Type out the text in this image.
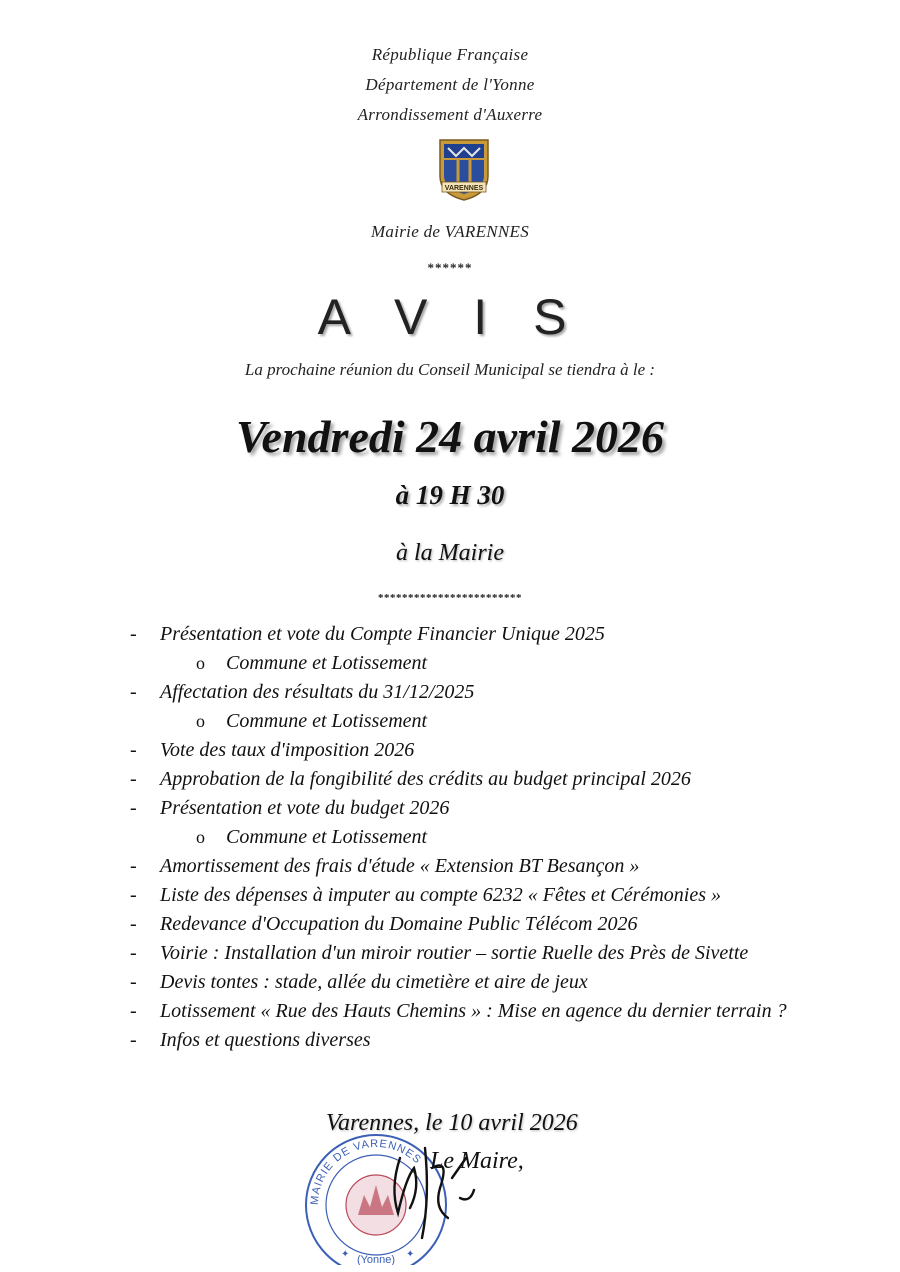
République Française
Département de l'Yonne
Arrondissement d'Auxerre
VARENNES
Mairie de VARENNES
******
A V I S
La prochaine réunion du Conseil Municipal se tiendra à le :
Vendredi 24 avril 2026
à 19 H 30
à la Mairie
************************
- Présentation et vote du Compte Financier Unique 2025
o Commune et Lotissement
- Affectation des résultats du 31/12/2025
o Commune et Lotissement
- Vote des taux d'imposition 2026
- Approbation de la fongibilité des crédits au budget principal 2026
- Présentation et vote du budget 2026
o Commune et Lotissement
- Amortissement des frais d'étude « Extension BT Besançon »
- Liste des dépenses à imputer au compte 6232 « Fêtes et Cérémonies »
- Redevance d'Occupation du Domaine Public Télécom 2026
- Voirie : Installation d'un miroir routier – sortie Ruelle des Près de Sivette
- Devis tontes : stade, allée du cimetière et aire de jeux
- Lotissement « Rue des Hauts Chemins » : Mise en agence du dernier terrain ?
- Infos et questions diverses
MAIRIE DE VARENNES
(Yonne)
✦	✦
Varennes, le 10 avril 2026
Le Maire,
